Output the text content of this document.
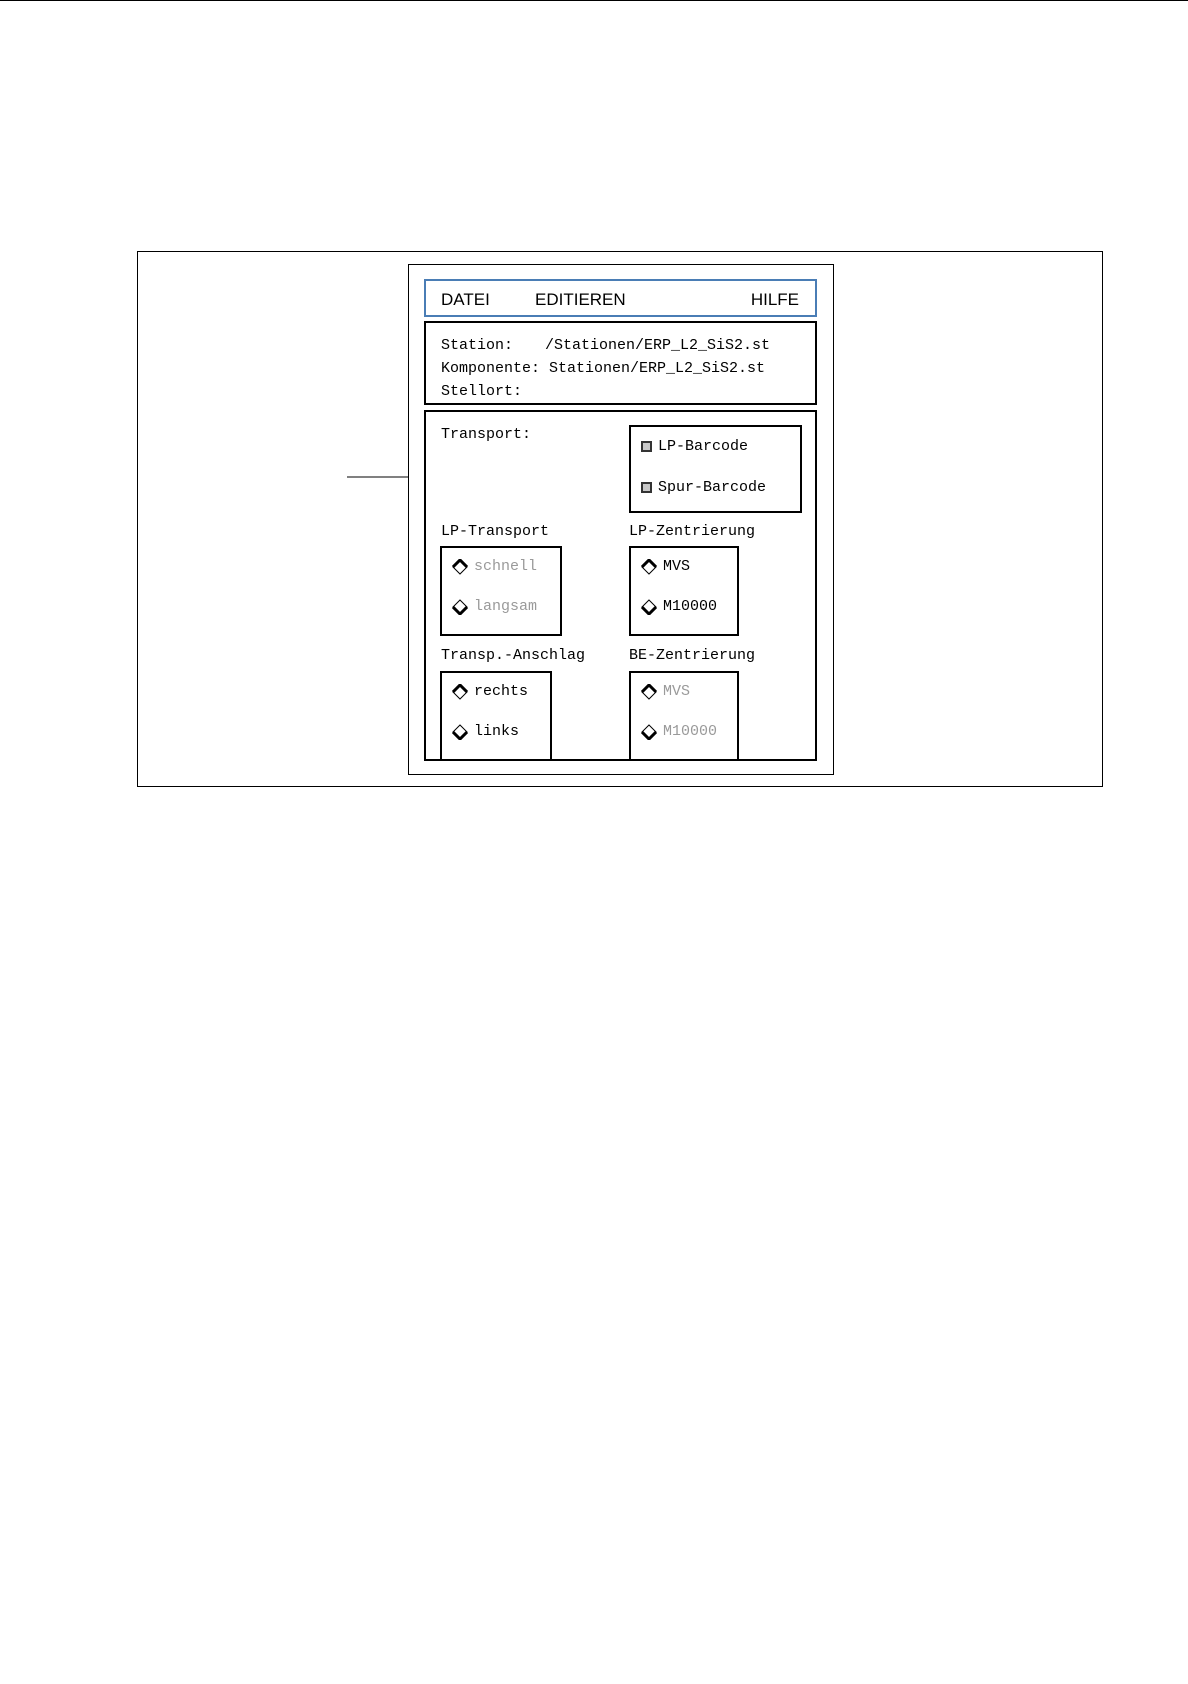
DATEI	EDITIEREN	HILFE
Station: /Stationen/ERP_L2_SiS2.st
Komponente: Stationen/ERP_L2_SiS2.st
Stellort:
Transport:
LP-Barcode
Spur-Barcode
LP-Transport
schnell
langsam
LP-Zentrierung
MVS
M10000
Transp.-Anschlag
rechts
links
BE-Zentrierung
MVS
M10000
